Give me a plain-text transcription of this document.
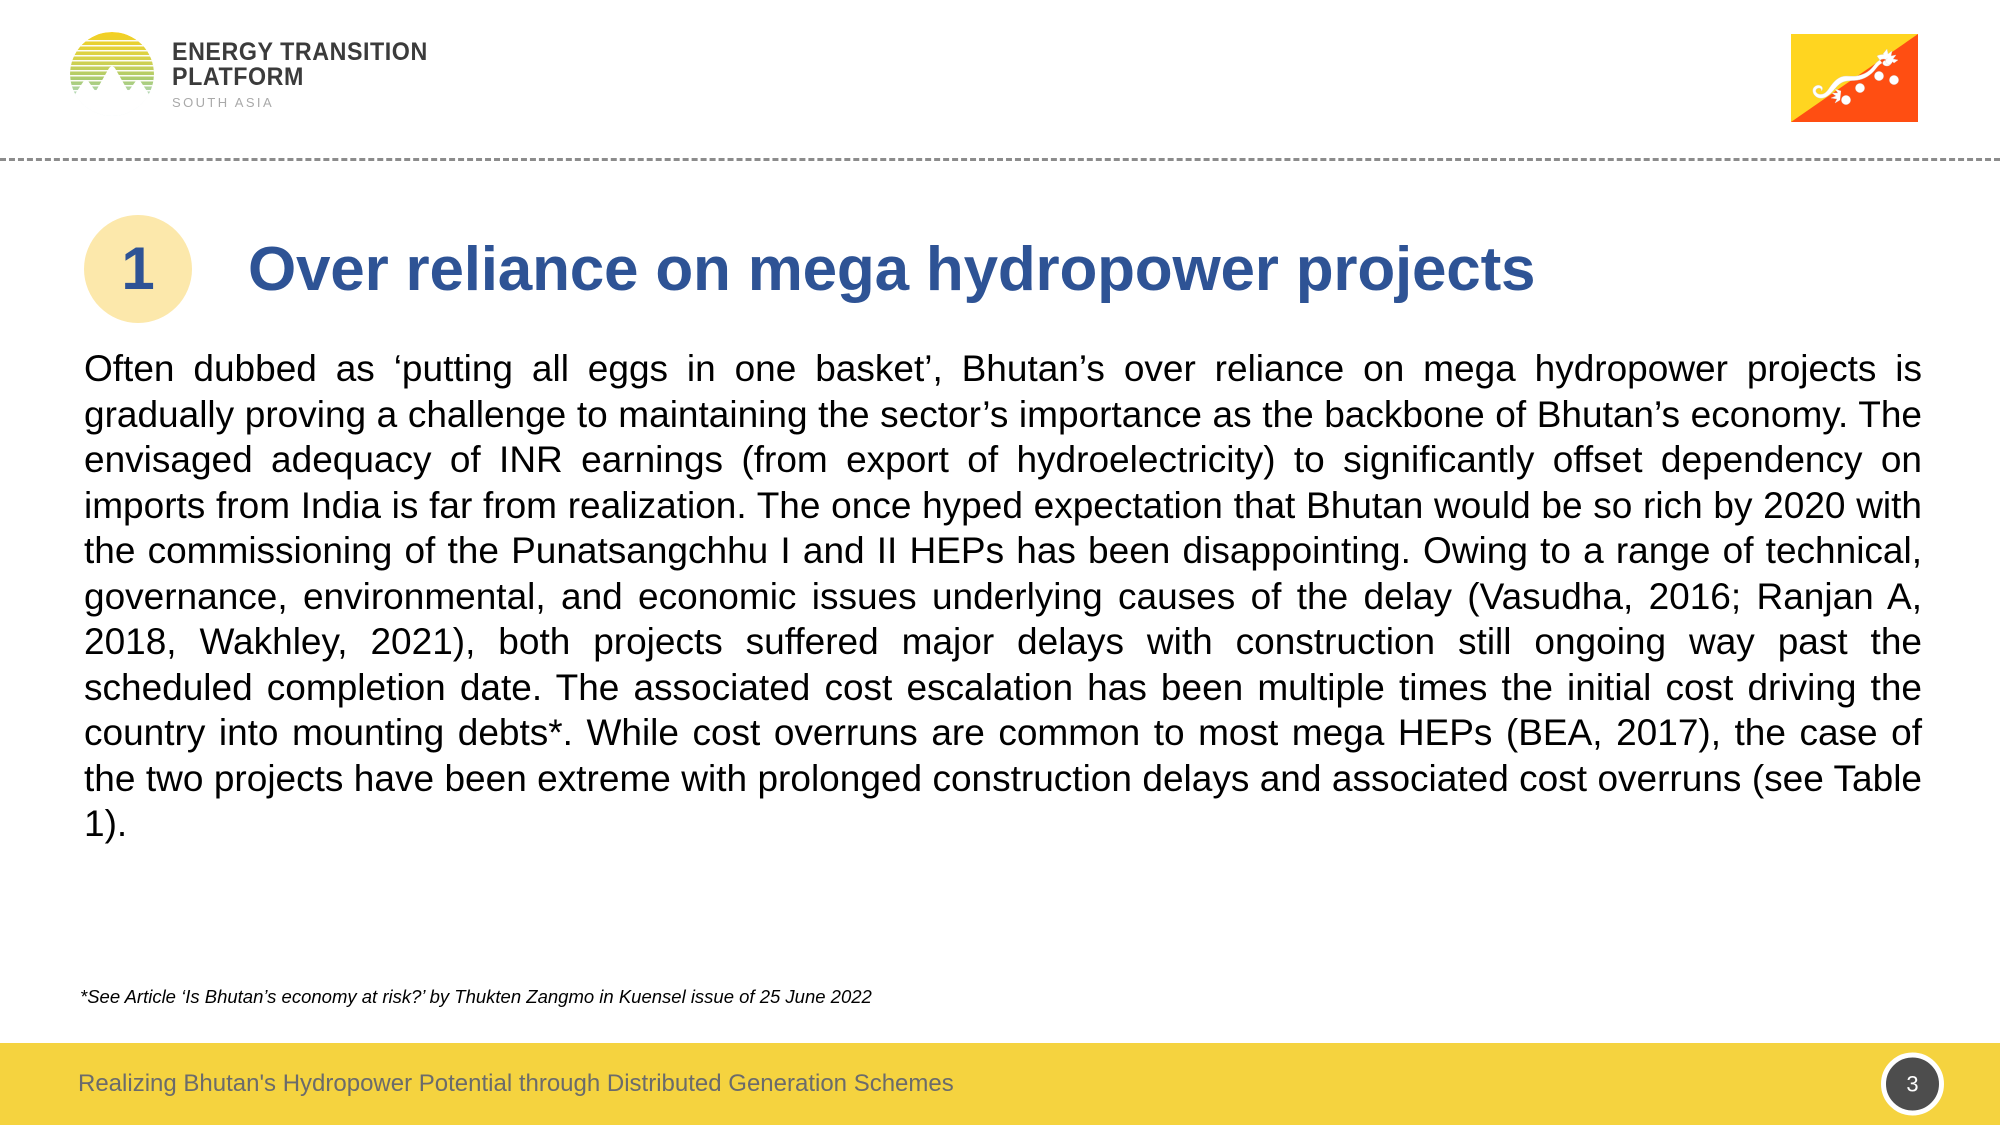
ENERGY TRANSITION
PLATFORM
SOUTH ASIA
1 Over reliance on mega hydropower projects
Often dubbed as ‘putting all eggs in one basket’, Bhutan’s over reliance on mega hydropower projects is gradually proving a challenge to maintaining the sector’s importance as the backbone of Bhutan’s economy. The envisaged adequacy of INR earnings (from export of hydroelectricity) to significantly offset dependency on imports from India is far from realization. The once hyped expectation that Bhutan would be so rich by 2020 with the commissioning of the Punatsangchhu I and II HEPs has been disappointing. Owing to a range of technical, governance, environmental, and economic issues underlying causes of the delay (Vasudha, 2016; Ranjan A, 2018, Wakhley, 2021), both projects suffered major delays with construction still ongoing way past the scheduled completion date. The associated cost escalation has been multiple times the initial cost driving the country into mounting debts*. While cost overruns are common to most mega HEPs (BEA, 2017), the case of the two projects have been extreme with prolonged construction delays and associated cost overruns (see Table 1).
*See Article ‘Is Bhutan’s economy at risk?’ by Thukten Zangmo in Kuensel issue of 25 June 2022
Realizing Bhutan's Hydropower Potential through Distributed Generation Schemes	3
